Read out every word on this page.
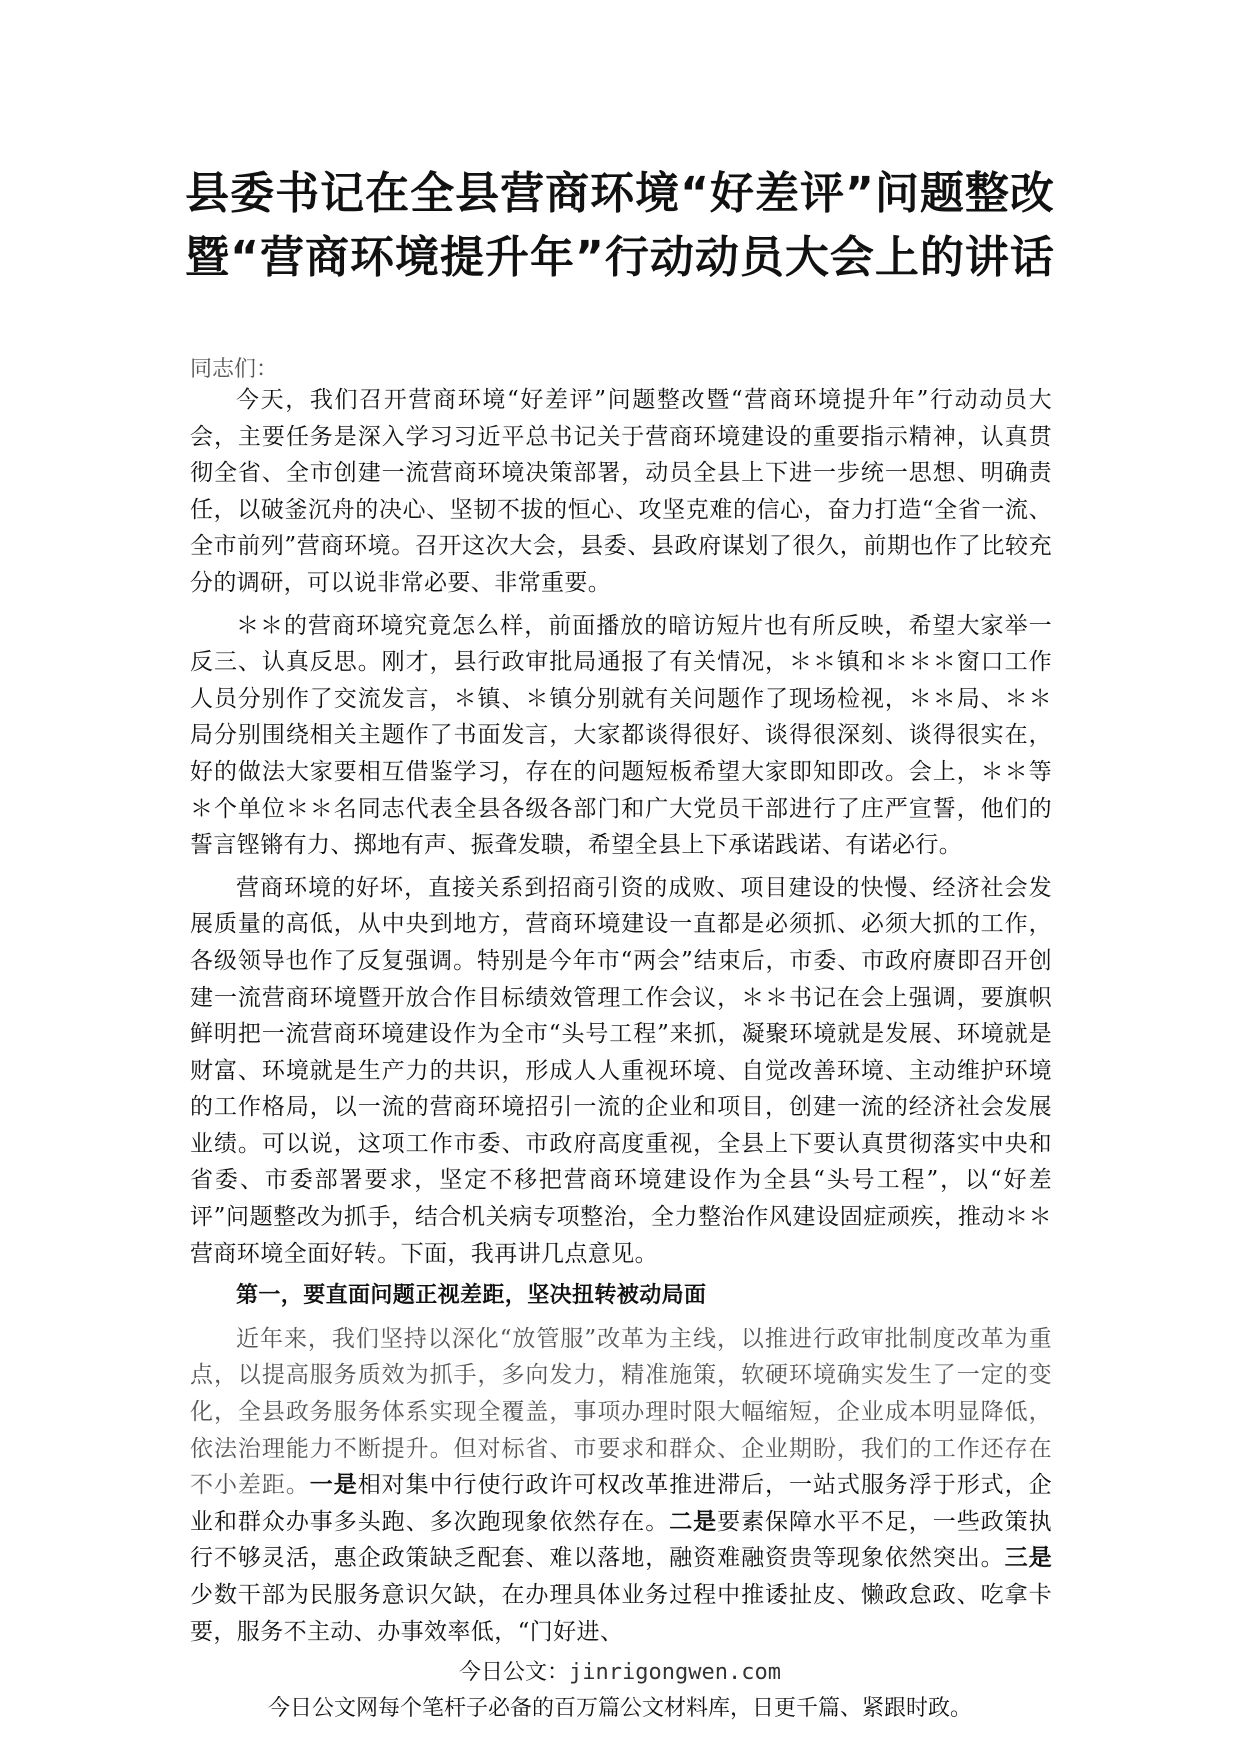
县委书记在全县营商环境“好差评”问题整改暨“营商环境提升年”行动动员大会上的讲话
同志们：

今天，我们召开营商环境“好差评”问题整改暨“营商环境提升年”行动动员大会，主要任务是深入学习习近平总书记关于营商环境建设的重要指示精神，认真贯彻全省、全市创建一流营商环境决策部署，动员全县上下进一步统一思想、明确责任，以破釜沉舟的决心、坚韧不拔的恒心、攻坚克难的信心，奋力打造“全省一流、全市前列”营商环境。召开这次大会，县委、县政府谋划了很久，前期也作了比较充分的调研，可以说非常必要、非常重要。

＊＊的营商环境究竟怎么样，前面播放的暗访短片也有所反映，希望大家举一反三、认真反思。刚才，县行政审批局通报了有关情况，＊＊镇和＊＊＊窗口工作人员分别作了交流发言，＊镇、＊镇分别就有关问题作了现场检视，＊＊局、＊＊局分别围绕相关主题作了书面发言，大家都谈得很好、谈得很深刻、谈得很实在，好的做法大家要相互借鉴学习，存在的问题短板希望大家即知即改。会上，＊＊等＊个单位＊＊名同志代表全县各级各部门和广大党员干部进行了庄严宣誓，他们的誓言铿锵有力、掷地有声、振聋发聩，希望全县上下承诺践诺、有诺必行。

营商环境的好坏，直接关系到招商引资的成败、项目建设的快慢、经济社会发展质量的高低，从中央到地方，营商环境建设一直都是必须抓、必须大抓的工作，各级领导也作了反复强调。特别是今年市“两会”结束后，市委、市政府赓即召开创建一流营商环境暨开放合作目标绩效管理工作会议，＊＊书记在会上强调，要旗帜鲜明把一流营商环境建设作为全市“头号工程”来抓，凝聚环境就是发展、环境就是财富、环境就是生产力的共识，形成人人重视环境、自觉改善环境、主动维护环境的工作格局，以一流的营商环境招引一流的企业和项目，创建一流的经济社会发展业绩。可以说，这项工作市委、市政府高度重视，全县上下要认真贯彻落实中央和省委、市委部署要求，坚定不移把营商环境建设作为全县“头号工程”，以“好差评”问题整改为抓手，结合机关病专项整治，全力整治作风建设固症顽疾，推动＊＊营商环境全面好转。下面，我再讲几点意见。

第一，要直面问题正视差距，坚决扭转被动局面

近年来，我们坚持以深化“放管服”改革为主线，以推进行政审批制度改革为重点，以提高服务质效为抓手，多向发力，精准施策，软硬环境确实发生了一定的变化，全县政务服务体系实现全覆盖，事项办理时限大幅缩短，企业成本明显降低，依法治理能力不断提升。但对标省、市要求和群众、企业期盼，我们的工作还存在不小差距。一是相对集中行使行政许可权改革推进滞后，一站式服务浮于形式，企业和群众办事多头跑、多次跑现象依然存在。二是要素保障水平不足，一些政策执行不够灵活，惠企政策缺乏配套、难以落地，融资难融资贵等现象依然突出。三是少数干部为民服务意识欠缺，在办理具体业务过程中推诿扯皮、懒政怠政、吃拿卡要，服务不主动、办事效率低，“门好进、

今日公文：jinrigongwen.com
今日公文网每个笔杆子必备的百万篇公文材料库，日更千篇、紧跟时政。
